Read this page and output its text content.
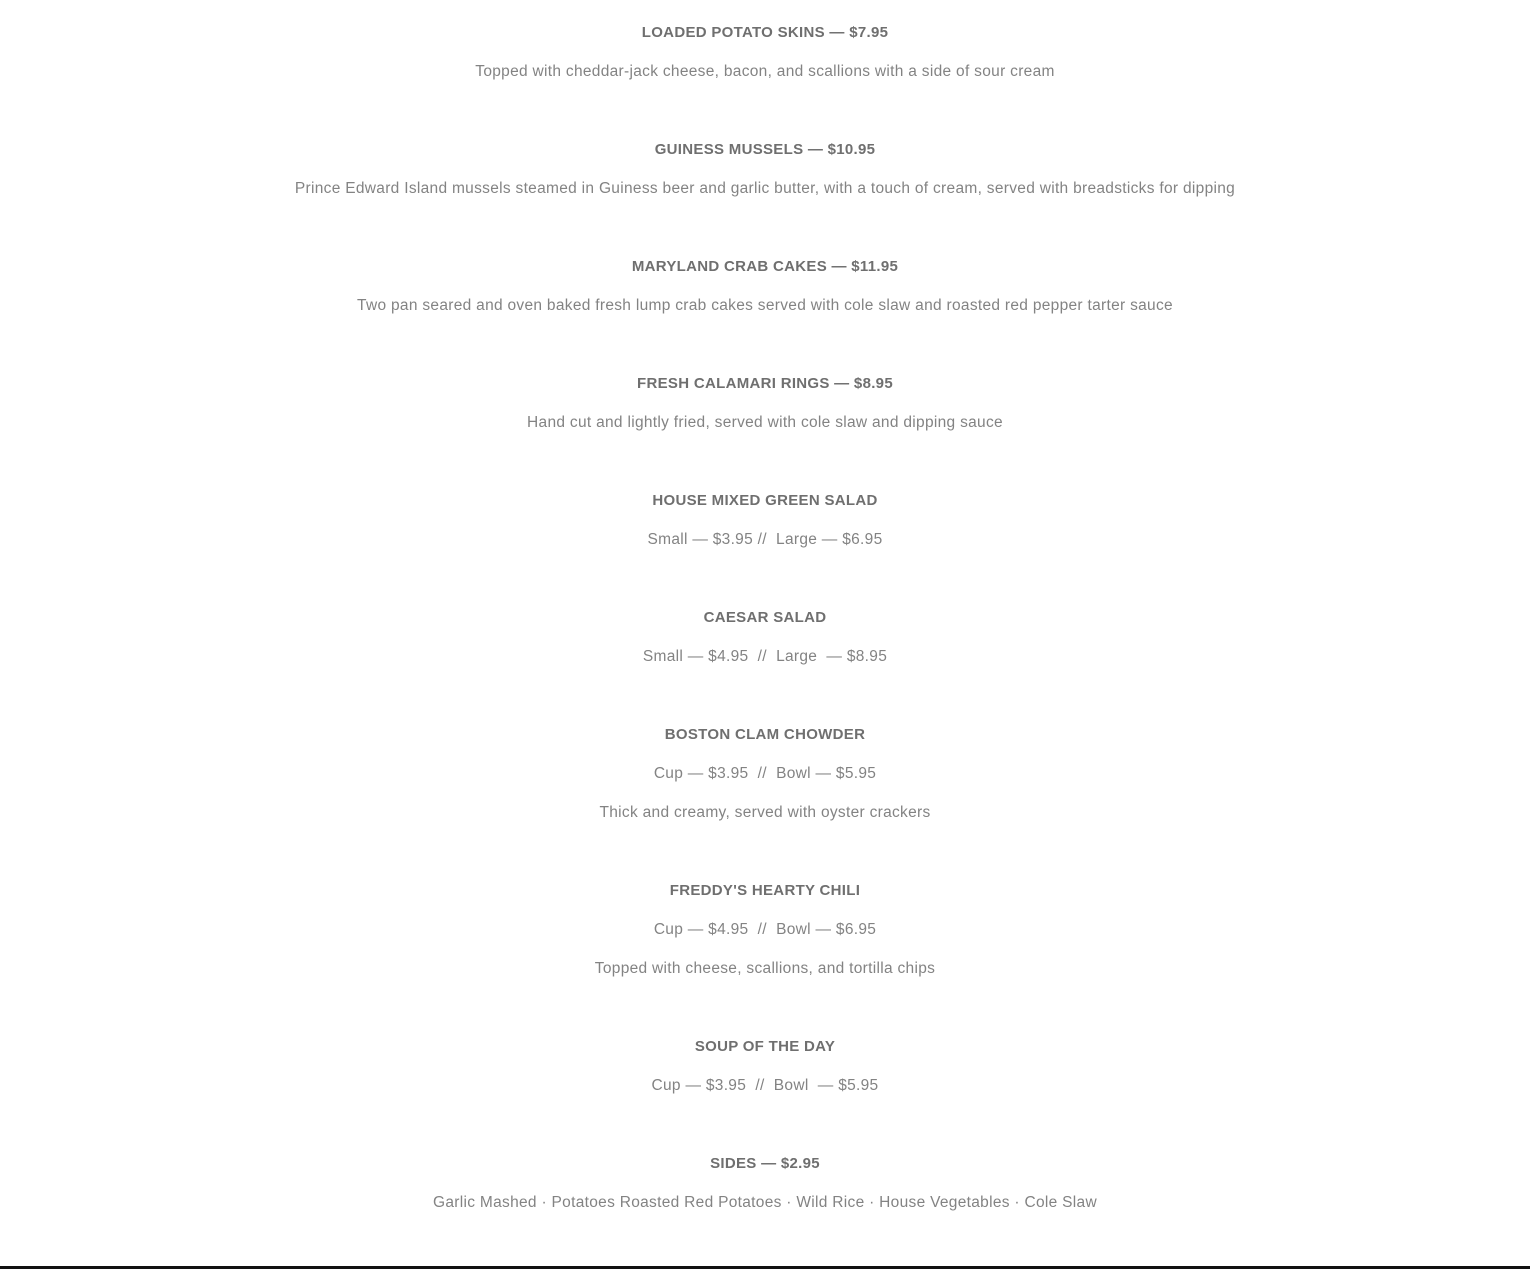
LOADED POTATO SKINS — $7.95
Topped with cheddar-jack cheese, bacon, and scallions with a side of sour cream
GUINESS MUSSELS — $10.95
Prince Edward Island mussels steamed in Guiness beer and garlic butter, with a touch of cream, served with breadsticks for dipping
MARYLAND CRAB CAKES — $11.95
Two pan seared and oven baked fresh lump crab cakes served with cole slaw and roasted red pepper tarter sauce
FRESH CALAMARI RINGS — $8.95
Hand cut and lightly fried, served with cole slaw and dipping sauce
HOUSE MIXED GREEN SALAD
Small — $3.95 //  Large — $6.95
CAESAR SALAD
Small — $4.95  //  Large  — $8.95
BOSTON CLAM CHOWDER
Cup — $3.95  //  Bowl — $5.95
Thick and creamy, served with oyster crackers
FREDDY'S HEARTY CHILI
Cup — $4.95  //  Bowl — $6.95
Topped with cheese, scallions, and tortilla chips
SOUP OF THE DAY
Cup — $3.95  //  Bowl  — $5.95
SIDES — $2.95
Garlic Mashed · Potatoes Roasted Red Potatoes · Wild Rice · House Vegetables · Cole Slaw
